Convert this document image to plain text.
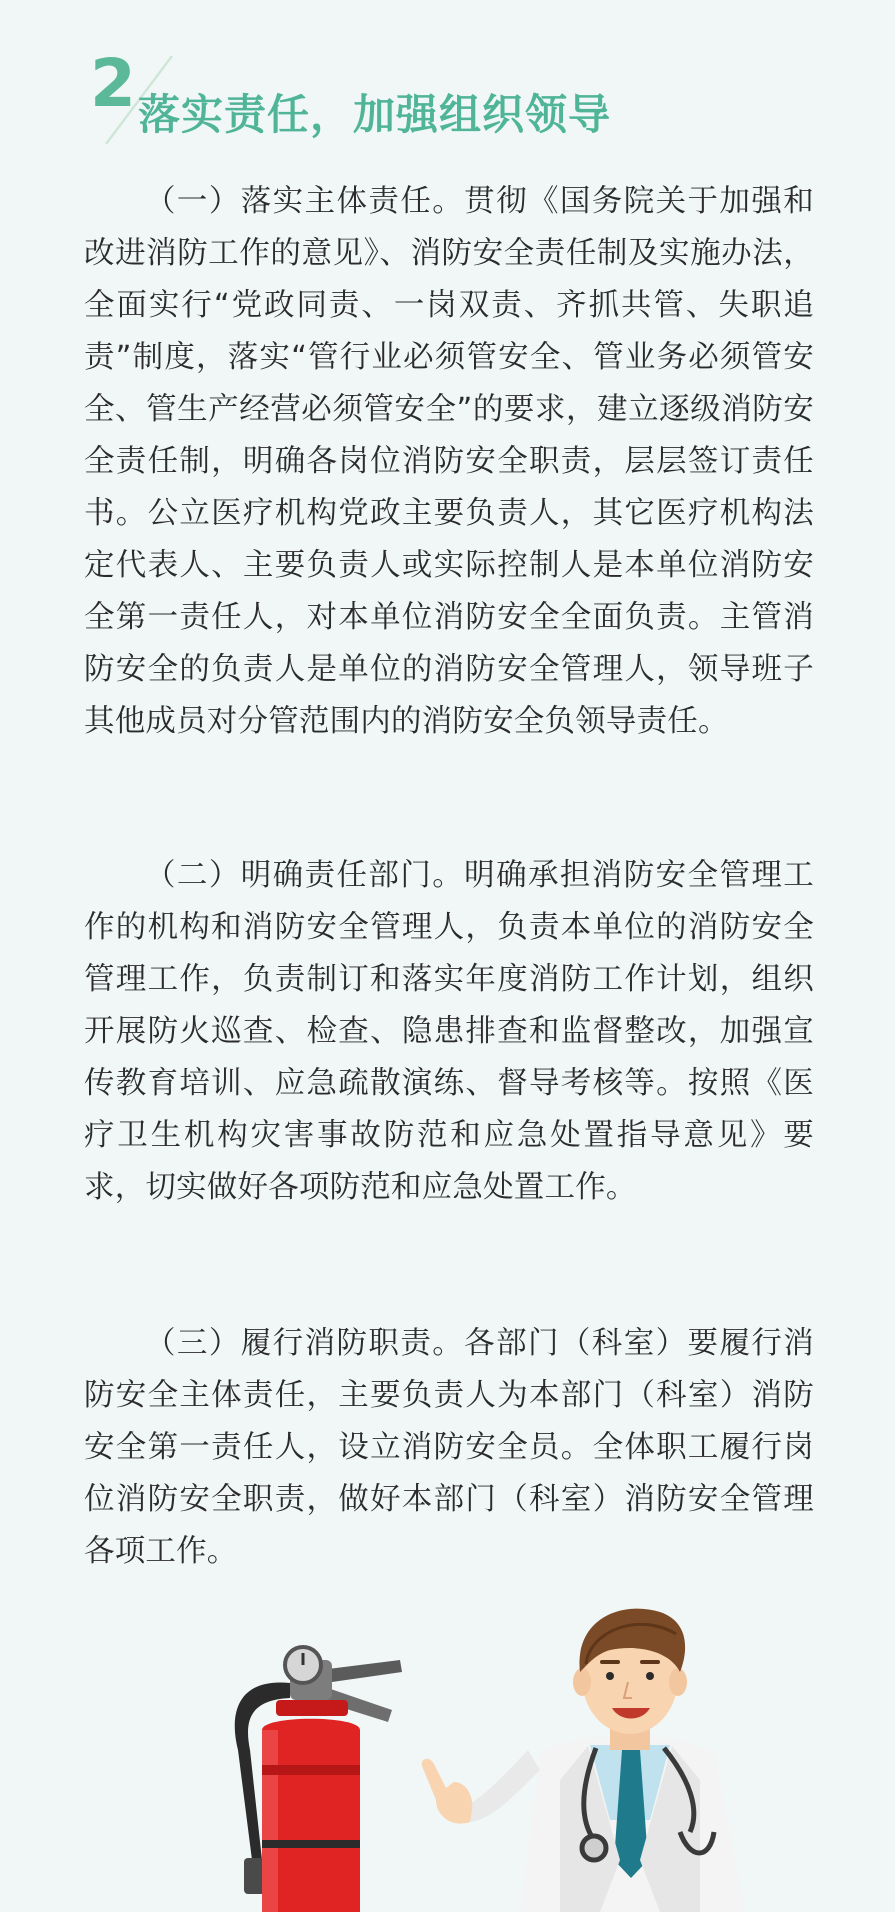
2 落实责任，加强组织领导
（一）落实主体责任。贯彻《国务院关于加强和改进消防工作的意见》、消防安全责任制及实施办法，全面实行“党政同责、一岗双责、齐抓共管、失职追责”制度，落实“管行业必须管安全、管业务必须管安全、管生产经营必须管安全”的要求，建立逐级消防安全责任制，明确各岗位消防安全职责，层层签订责任书。公立医疗机构党政主要负责人，其它医疗机构法定代表人、主要负责人或实际控制人是本单位消防安全第一责任人，对本单位消防安全全面负责。主管消防安全的负责人是单位的消防安全管理人，领导班子其他成员对分管范围内的消防安全负领导责任。
（二）明确责任部门。明确承担消防安全管理工作的机构和消防安全管理人，负责本单位的消防安全管理工作，负责制订和落实年度消防工作计划，组织开展防火巡查、检查、隐患排查和监督整改，加强宣传教育培训、应急疏散演练、督导考核等。按照《医疗卫生机构灾害事故防范和应急处置指导意见》要求，切实做好各项防范和应急处置工作。
（三）履行消防职责。各部门（科室）要履行消防安全主体责任，主要负责人为本部门（科室）消防安全第一责任人，设立消防安全员。全体职工履行岗位消防安全职责，做好本部门（科室）消防安全管理各项工作。
